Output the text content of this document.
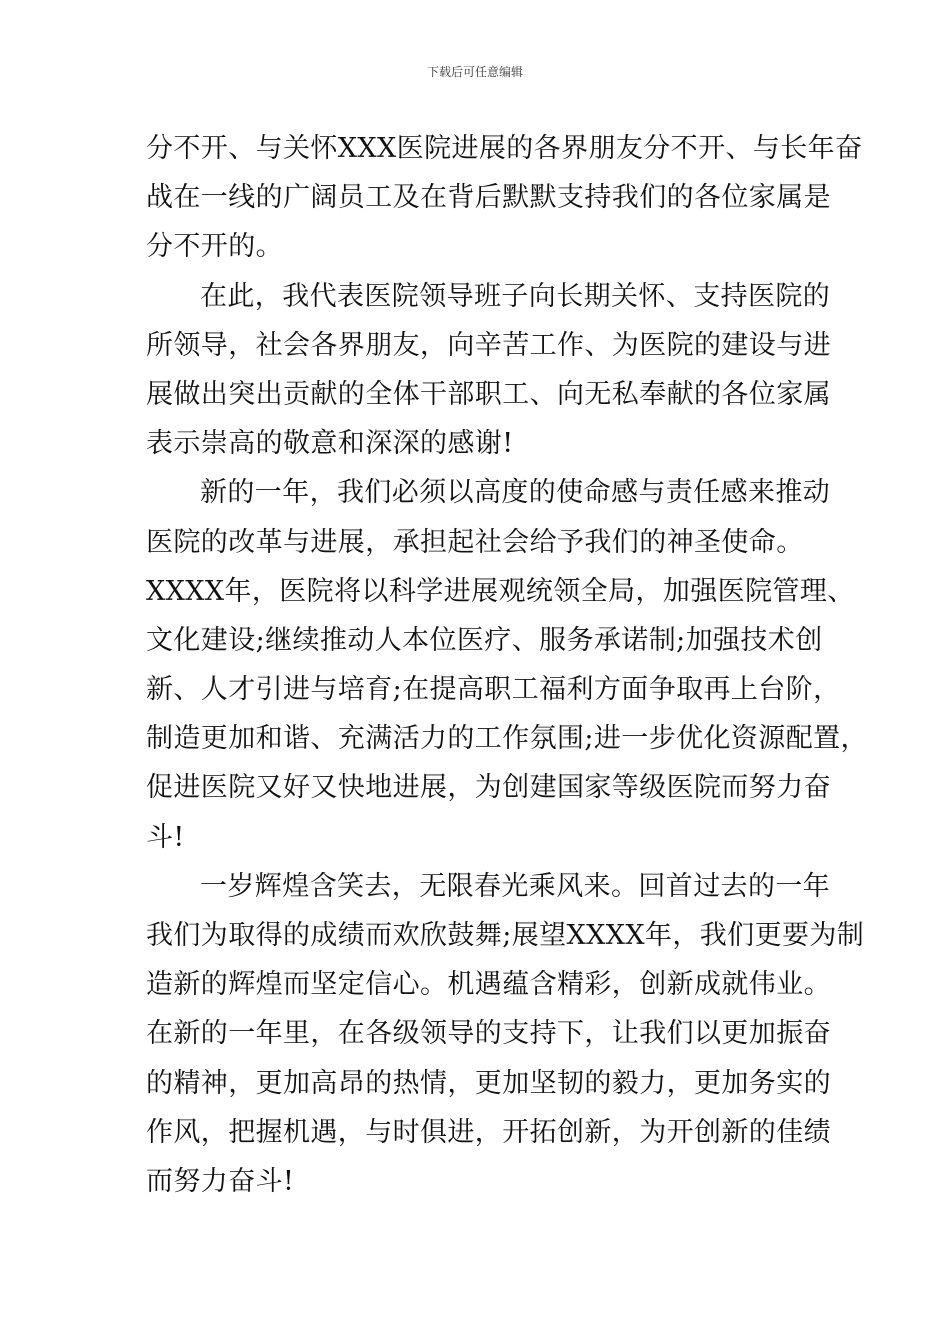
下载后可任意编辑
分不开、与关怀XXX医院进展的各界朋友分不开、与长年奋
战在一线的广阔员工及在背后默默支持我们的各位家属是
分不开的。
在此，我代表医院领导班子向长期关怀、支持医院的
所领导，社会各界朋友，向辛苦工作、为医院的建设与进
展做出突出贡献的全体干部职工、向无私奉献的各位家属
表示崇高的敬意和深深的感谢!
新的一年，我们必须以高度的使命感与责任感来推动
医院的改革与进展，承担起社会给予我们的神圣使命。
XXXX年，医院将以科学进展观统领全局，加强医院管理、
文化建设;继续推动人本位医疗、服务承诺制;加强技术创
新、人才引进与培育;在提高职工福利方面争取再上台阶，
制造更加和谐、充满活力的工作氛围;进一步优化资源配置，
促进医院又好又快地进展，为创建国家等级医院而努力奋
斗!
一岁辉煌含笑去，无限春光乘风来。回首过去的一年
我们为取得的成绩而欢欣鼓舞;展望XXXX年，我们更要为制
造新的辉煌而坚定信心。机遇蕴含精彩，创新成就伟业。
在新的一年里，在各级领导的支持下，让我们以更加振奋
的精神，更加高昂的热情，更加坚韧的毅力，更加务实的
作风，把握机遇，与时俱进，开拓创新，为开创新的佳绩
而努力奋斗!
